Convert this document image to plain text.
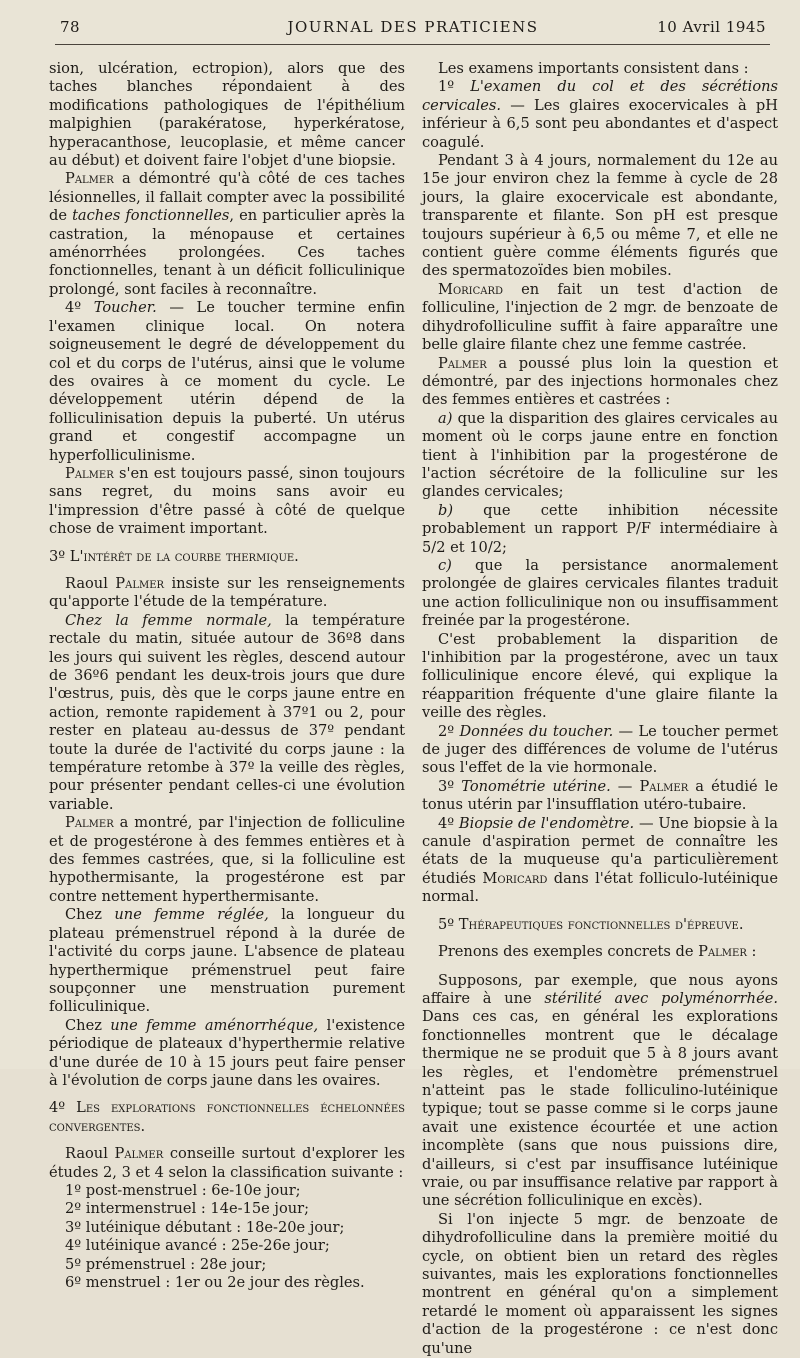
78	JOURNAL DES PRATICIENS	10 Avril 1945

sion, ulcération, ectropion), alors que des taches blanches répondaient à des modifications pathologiques de l'épithélium malpighien (parakératose, hyperkératose, hyperacanthose, leucoplasie, et même cancer au début) et doivent faire l'objet d'une biopsie.

Palmer a démontré qu'à côté de ces taches lésionnelles, il fallait compter avec la possibilité de taches fonctionnelles, en particulier après la castration, la ménopause et certaines aménorrhées prolongées. Ces taches fonctionnelles, tenant à un déficit folliculinique prolongé, sont faciles à reconnaître.

4º Toucher. — Le toucher termine enfin l'examen clinique local. On notera soigneusement le degré de développement du col et du corps de l'utérus, ainsi que le volume des ovaires à ce moment du cycle. Le développement utérin dépend de la folliculinisation depuis la puberté. Un utérus grand et congestif accompagne un hyperfolliculinisme.

Palmer s'en est toujours passé, sinon toujours sans regret, du moins sans avoir eu l'impression d'être passé à côté de quelque chose de vraiment important.

3º L'intérêt de la courbe thermique.

Raoul Palmer insiste sur les renseignements qu'apporte l'étude de la température.

Chez la femme normale, la température rectale du matin, située autour de 36º8 dans les jours qui suivent les règles, descend autour de 36º6 pendant les deux-trois jours que dure l'œstrus, puis, dès que le corps jaune entre en action, remonte rapidement à 37º1 ou 2, pour rester en plateau au-dessus de 37º pendant toute la durée de l'activité du corps jaune : la température retombe à 37º la veille des règles, pour présenter pendant celles-ci une évolution variable.

Palmer a montré, par l'injection de folliculine et de progestérone à des femmes entières et à des femmes castrées, que, si la folliculine est hypothermisante, la progestérone est par contre nettement hyperthermisante.

Chez une femme réglée, la longueur du plateau prémenstruel répond à la durée de l'activité du corps jaune. L'absence de plateau hyperthermique prémenstruel peut faire soupçonner une menstruation purement folliculinique.

Chez une femme aménorrhéque, l'existence périodique de plateaux d'hyperthermie relative d'une durée de 10 à 15 jours peut faire penser à l'évolution de corps jaune dans les ovaires.

4º Les explorations fonctionnelles échelonnées convergentes.

Raoul Palmer conseille surtout d'explorer les études 2, 3 et 4 selon la classification suivante :

1º post-menstruel : 6e-10e jour;

2º intermenstruel : 14e-15e jour;

3º lutéinique débutant : 18e-20e jour;

4º lutéinique avancé : 25e-26e jour;

5º prémenstruel : 28e jour;

6º menstruel : 1er ou 2e jour des règles.

Les examens importants consistent dans :

1º L'examen du col et des sécrétions cervicales. — Les glaires exocervicales à pH inférieur à 6,5 sont peu abondantes et d'aspect coagulé.

Pendant 3 à 4 jours, normalement du 12e au 15e jour environ chez la femme à cycle de 28 jours, la glaire exocervicale est abondante, transparente et filante. Son pH est presque toujours supérieur à 6,5 ou même 7, et elle ne contient guère comme éléments figurés que des spermatozoïdes bien mobiles.

Moricard en fait un test d'action de folliculine, l'injection de 2 mgr. de benzoate de dihydrofolliculine suffit à faire apparaître une belle glaire filante chez une femme castrée.

Palmer a poussé plus loin la question et démontré, par des injections hormonales chez des femmes entières et castrées :

a) que la disparition des glaires cervicales au moment où le corps jaune entre en fonction tient à l'inhibition par la progestérone de l'action sécrétoire de la folliculine sur les glandes cervicales;

b) que cette inhibition nécessite probablement un rapport P/F intermédiaire à 5/2 et 10/2;

c) que la persistance anormalement prolongée de glaires cervicales filantes traduit une action folliculinique non ou insuffisamment freinée par la progestérone.

C'est probablement la disparition de l'inhibition par la progestérone, avec un taux folliculinique encore élevé, qui explique la réapparition fréquente d'une glaire filante la veille des règles.

2º Données du toucher. — Le toucher permet de juger des différences de volume de l'utérus sous l'effet de la vie hormonale.

3º Tonométrie utérine. — Palmer a étudié le tonus utérin par l'insufflation utéro-tubaire.

4º Biopsie de l'endomètre. — Une biopsie à la canule d'aspiration permet de connaître les états de la muqueuse qu'a particulièrement étudiés Moricard dans l'état folliculo-lutéinique normal.

5º Thérapeutiques fonctionnelles d'épreuve.

Prenons des exemples concrets de Palmer :

Supposons, par exemple, que nous ayons affaire à une stérilité avec polyménorrhée. Dans ces cas, en général les explorations fonctionnelles montrent que le décalage thermique ne se produit que 5 à 8 jours avant les règles, et l'endomètre prémenstruel n'atteint pas le stade folliculino-lutéinique typique; tout se passe comme si le corps jaune avait une existence écourtée et une action incomplète (sans que nous puissions dire, d'ailleurs, si c'est par insuffisance lutéinique vraie, ou par insuffisance relative par rapport à une sécrétion folliculinique en excès).

Si l'on injecte 5 mgr. de benzoate de dihydrofolliculine dans la première moitié du cycle, on obtient bien un retard des règles suivantes, mais les explorations fonctionnelles montrent en général qu'on a simplement retardé le moment où apparaissent les signes d'action de la progestérone : ce n'est donc qu'une
